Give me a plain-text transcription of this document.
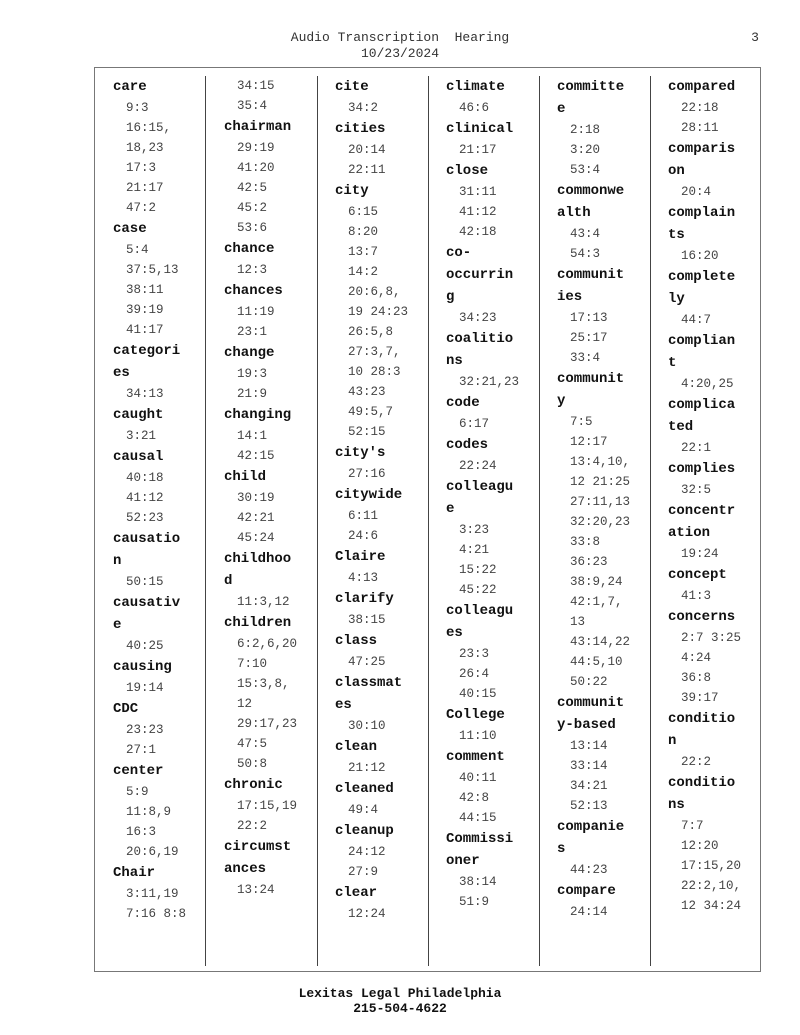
Audio Transcription  Hearing
10/23/2024
3
care
9:3
16:15,
18,23
17:3
21:17
47:2
case
5:4
37:5,13
38:11
39:19
41:17
categori
es
34:13
caught
3:21
causal
40:18
41:12
52:23
causatio
n
50:15
causativ
e
40:25
causing
19:14
CDC
23:23
27:1
center
5:9
11:8,9
16:3
20:6,19
Chair
3:11,19
7:16 8:8
34:15
35:4
chairman
29:19
41:20
42:5
45:2
53:6
chance
12:3
chances
11:19
23:1
change
19:3
21:9
changing
14:1
42:15
child
30:19
42:21
45:24
childhoo
d
11:3,12
children
6:2,6,20
7:10
15:3,8,
12
29:17,23
47:5
50:8
chronic
17:15,19
22:2
circumst
ances
13:24
cite
34:2
cities
20:14
22:11
city
6:15
8:20
13:7
14:2
20:6,8,
19 24:23
26:5,8
27:3,7,
10 28:3
43:23
49:5,7
52:15
city's
27:16
citywide
6:11
24:6
Claire
4:13
clarify
38:15
class
47:25
classmat
es
30:10
clean
21:12
cleaned
49:4
cleanup
24:12
27:9
clear
12:24
climate
46:6
clinical
21:17
close
31:11
41:12
42:18
co-
occurrin
g
34:23
coalitio
ns
32:21,23
code
6:17
codes
22:24
colleagu
e
3:23
4:21
15:22
45:22
colleagu
es
23:3
26:4
40:15
College
11:10
comment
40:11
42:8
44:15
Commissi
oner
38:14
51:9
committe
e
2:18
3:20
53:4
commonwe
alth
43:4
54:3
communit
ies
17:13
25:17
33:4
communit
y
7:5
12:17
13:4,10,
12 21:25
27:11,13
32:20,23
33:8
36:23
38:9,24
42:1,7,
13
43:14,22
44:5,10
50:22
communit
y-based
13:14
33:14
34:21
52:13
companie
s
44:23
compare
24:14
compared
22:18
28:11
comparis
on
20:4
complain
ts
16:20
complete
ly
44:7
complian
t
4:20,25
complica
ted
22:1
complies
32:5
concentr
ation
19:24
concept
41:3
concerns
2:7 3:25
4:24
36:8
39:17
conditio
n
22:2
conditio
ns
7:7
12:20
17:15,20
22:2,10,
12 34:24
Lexitas Legal Philadelphia
215-504-4622
